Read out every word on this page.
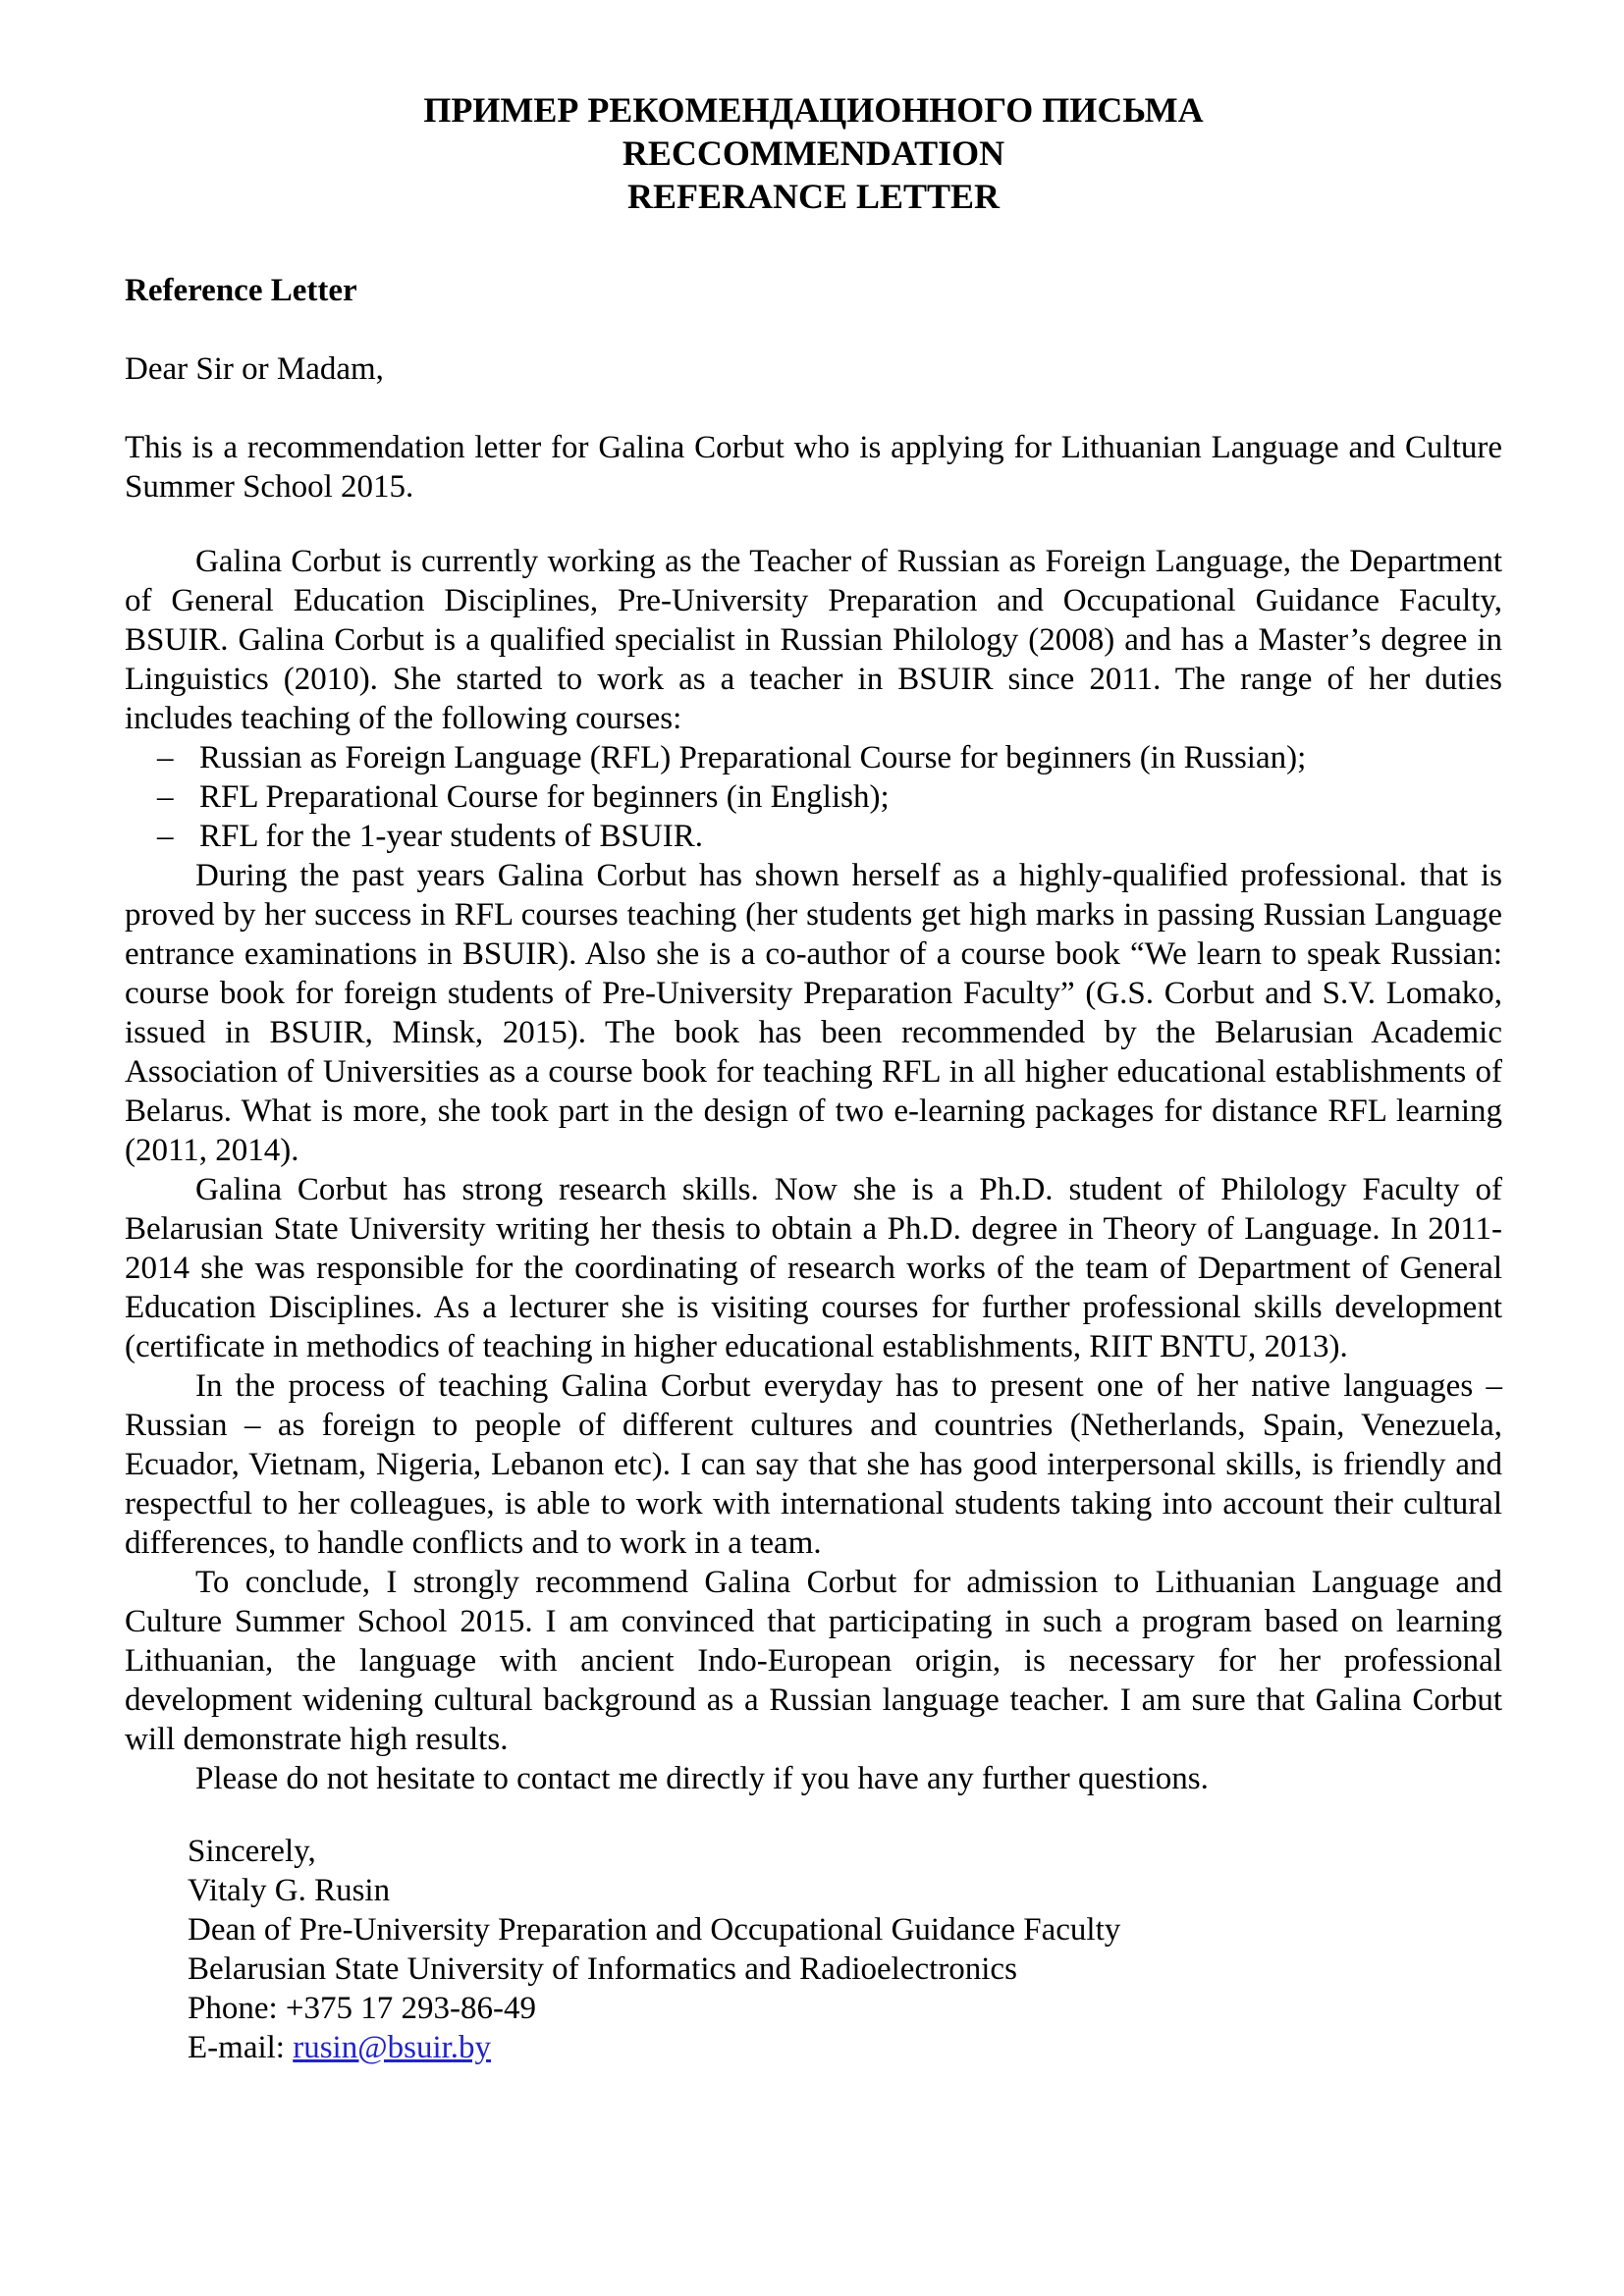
ПРИМЕР РЕКОМЕНДАЦИОННОГО ПИСЬМА
RECCOMMENDATION
REFERANCE LETTER

Reference Letter

Dear Sir or Madam,

This is a recommendation letter for Galina Corbut who is applying for Lithuanian Language and Culture Summer School 2015.

Galina Corbut is currently working as the Teacher of Russian as Foreign Language, the Department of General Education Disciplines, Pre-University Preparation and Occupational Guidance Faculty, BSUIR. Galina Corbut is a qualified specialist in Russian Philology (2008) and has a Master’s degree in Linguistics (2010). She started to work as a teacher in BSUIR since 2011. The range of her duties includes teaching of the following courses:

– Russian as Foreign Language (RFL) Preparational Course for beginners (in Russian);
– RFL Preparational Course for beginners (in English);
– RFL for the 1-year students of BSUIR.

During the past years Galina Corbut has shown herself as a highly-qualified professional. that is proved by her success in RFL courses teaching (her students get high marks in passing Russian Language entrance examinations in BSUIR). Also she is a co-author of a course book “We learn to speak Russian: course book for foreign students of Pre-University Preparation Faculty” (G.S. Corbut and S.V. Lomako, issued in BSUIR, Minsk, 2015). The book has been recommended by the Belarusian Academic Association of Universities as a course book for teaching RFL in all higher educational establishments of Belarus. What is more, she took part in the design of two e-learning packages for distance RFL learning (2011, 2014).

Galina Corbut has strong research skills. Now she is a Ph.D. student of Philology Faculty of Belarusian State University writing her thesis to obtain a Ph.D. degree in Theory of Language. In 2011-2014 she was responsible for the coordinating of research works of the team of Department of General Education Disciplines. As a lecturer she is visiting courses for further professional skills development (certificate in methodics of teaching in higher educational establishments, RIIT BNTU, 2013).

In the process of teaching Galina Corbut everyday has to present one of her native languages – Russian – as foreign to people of different cultures and countries (Netherlands, Spain, Venezuela, Ecuador, Vietnam, Nigeria, Lebanon etc). I can say that she has good interpersonal skills, is friendly and respectful to her colleagues, is able to work with international students taking into account their cultural differences, to handle conflicts and to work in a team.

To conclude, I strongly recommend Galina Corbut for admission to Lithuanian Language and Culture Summer School 2015. I am convinced that participating in such a program based on learning Lithuanian, the language with ancient Indo-European origin, is necessary for her professional development widening cultural background as a Russian language teacher. I am sure that Galina Corbut will demonstrate high results.

Please do not hesitate to contact me directly if you have any further questions.

Sincerely,

Vitaly G. Rusin

Dean of Pre-University Preparation and Occupational Guidance Faculty

Belarusian State University of Informatics and Radioelectronics

Phone: +375 17 293-86-49

E-mail: rusin@bsuir.by
